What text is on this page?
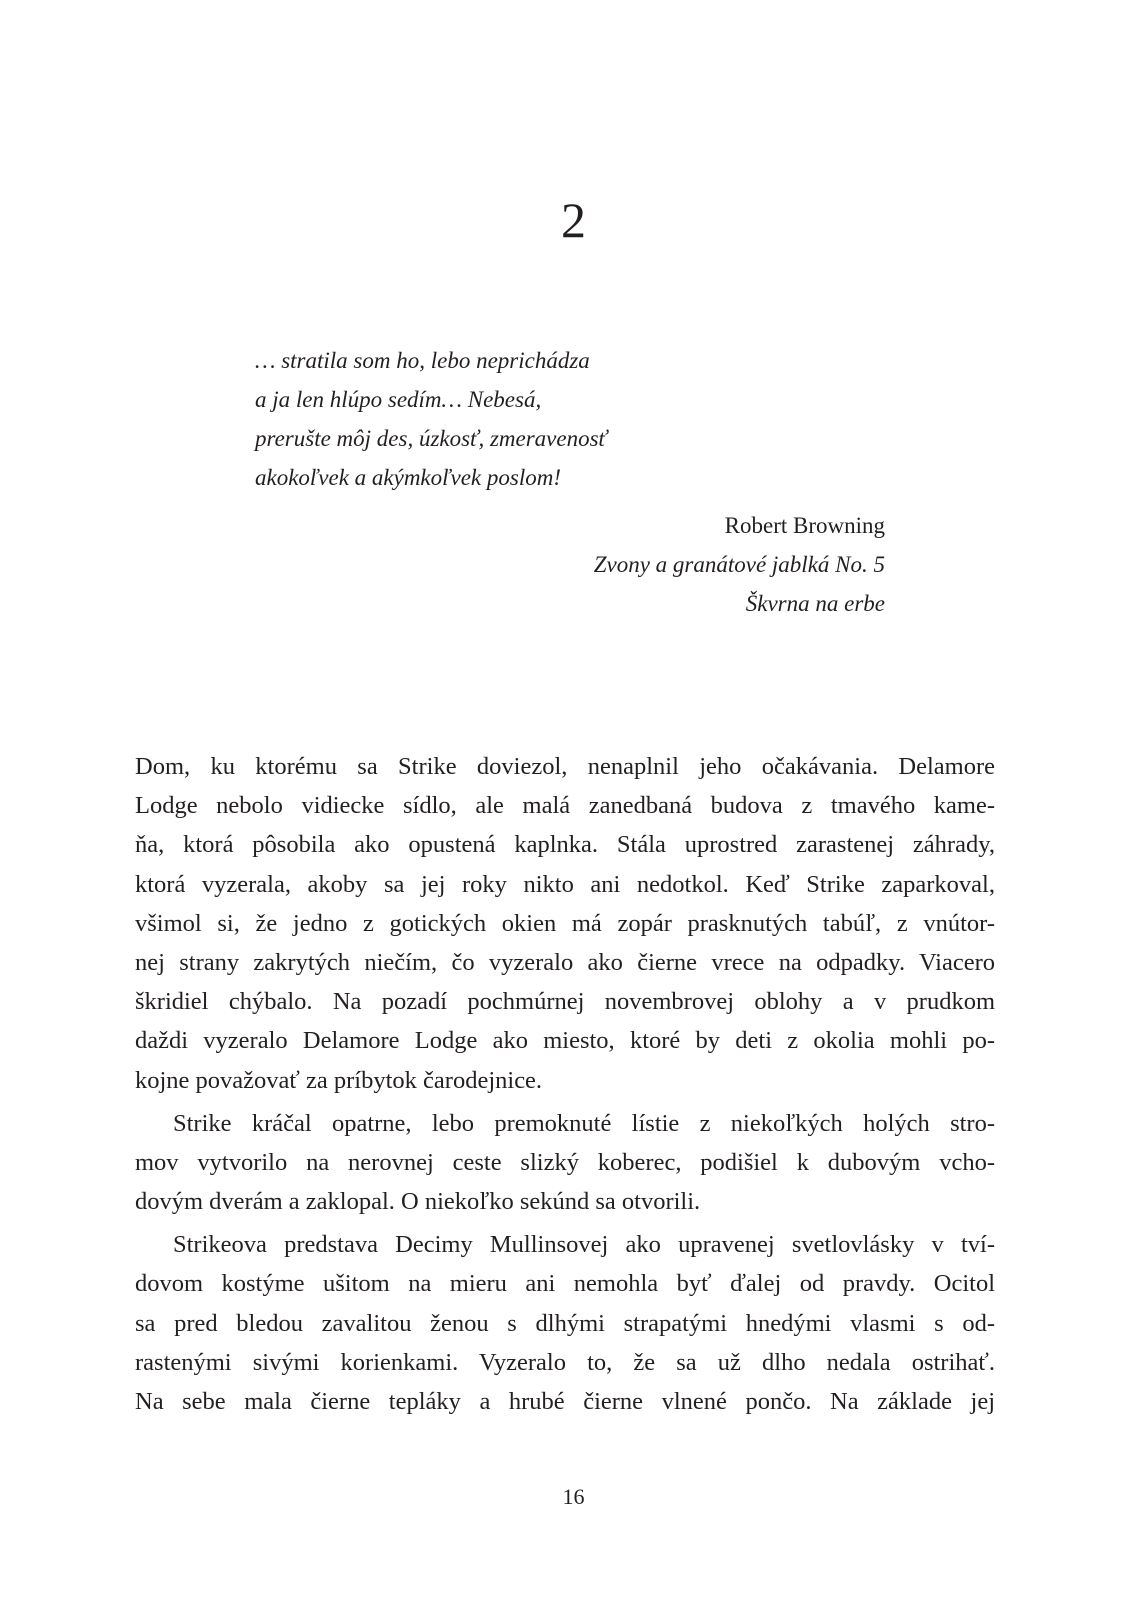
2
… stratila som ho, lebo neprichádza
a ja len hlúpo sedím… Nebesá,
prerušte môj des, úzkosť, zmeravenosť
akokoľvek a akýmkoľvek poslom!
Robert Browning
Zvony a granátové jablká No. 5
Škvrna na erbe
Dom, ku ktorému sa Strike doviezol, nenaplnil jeho očakávania. Delamore
Lodge nebolo vidiecke sídlo, ale malá zanedbaná budova z tmavého kame-
ňa, ktorá pôsobila ako opustená kaplnka. Stála uprostred zarastenej záhrady,
ktorá vyzerala, akoby sa jej roky nikto ani nedotkol. Keď Strike zaparkoval,
všimol si, že jedno z gotických okien má zopár prasknutých tabúľ, z vnútor-
nej strany zakrytých niečím, čo vyzeralo ako čierne vrece na odpadky. Viacero
škridiel chýbalo. Na pozadí pochmúrnej novembrovej oblohy a v prudkom
daždi vyzeralo Delamore Lodge ako miesto, ktoré by deti z okolia mohli po-
kojne považovať za príbytok čarodejnice.
Strike kráčal opatrne, lebo premoknuté lístie z niekoľkých holých stro-
mov vytvorilo na nerovnej ceste slizký koberec, podišiel k dubovým vcho-
dovým dverám a zaklopal. O niekoľko sekúnd sa otvorili.
Strikeova predstava Decimy Mullinsovej ako upravenej svetlovlásky v tví-
dovom kostýme ušitom na mieru ani nemohla byť ďalej od pravdy. Ocitol
sa pred bledou zavalitou ženou s dlhými strapatými hnedými vlasmi s od-
rastenými sivými korienkami. Vyzeralo to, že sa už dlho nedala ostrihať.
Na sebe mala čierne tepláky a hrubé čierne vlnené pončo. Na základe jej
16
